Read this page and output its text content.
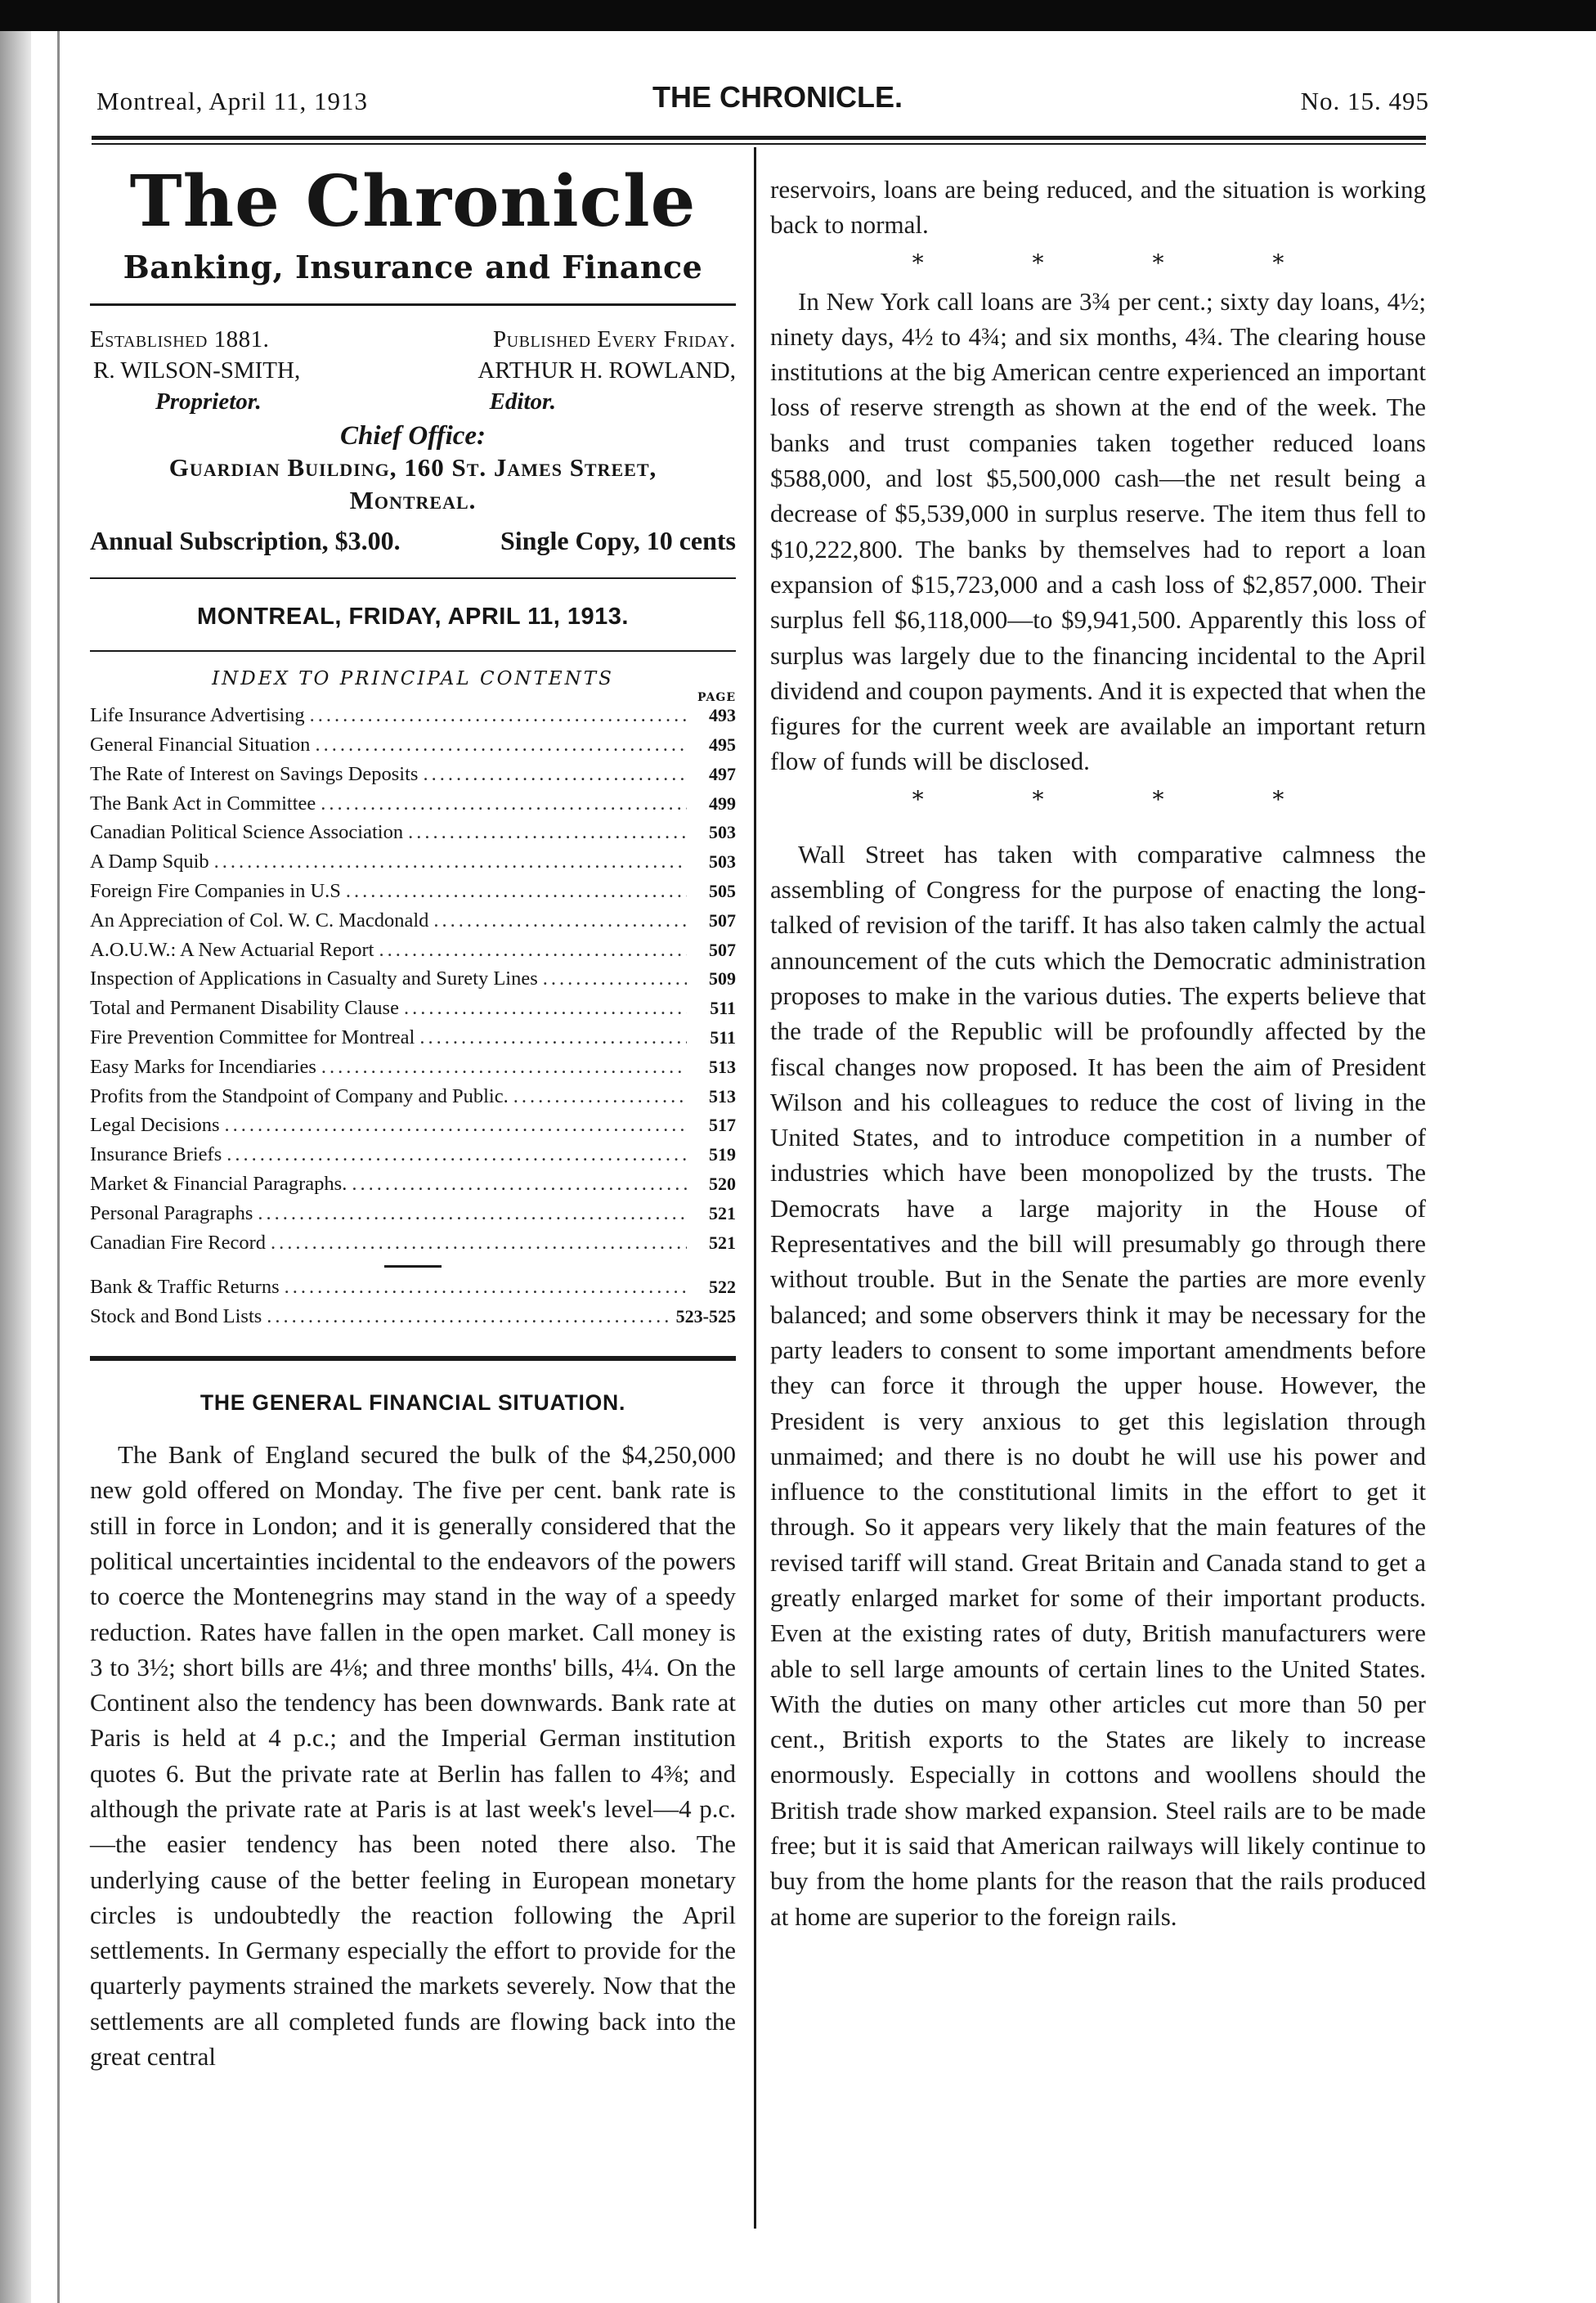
Montreal, April 11, 1913	THE CHRONICLE.	No. 15. 495
The Chronicle
Banking, Insurance and Finance
Established 1881.	Published Every Friday.
R. WILSON-SMITH,	ARTHUR H. ROWLAND,
Proprietor.	Editor.
Chief Office:
Guardian Building, 160 St. James Street,
Montreal.
Annual Subscription, $3.00.	Single Copy, 10 cents
MONTREAL, FRIDAY, APRIL 11, 1913.
INDEX TO PRINCIPAL CONTENTS
PAGE
Life Insurance Advertising .....	493
General Financial Situation .....	495
The Rate of Interest on Savings Deposits .....	497
The Bank Act in Committee .....	499
Canadian Political Science Association .....	503
A Damp Squib .....	503
Foreign Fire Companies in U.S .....	505
An Appreciation of Col. W. C. Macdonald .....	507
A.O.U.W.: A New Actuarial Report .....	507
Inspection of Applications in Casualty and Surety Lines .....	509
Total and Permanent Disability Clause .....	511
Fire Prevention Committee for Montreal .....	511
Easy Marks for Incendiaries .....	513
Profits from the Standpoint of Company and Public. .....	513
Legal Decisions .....	517
Insurance Briefs .....	519
Market & Financial Paragraphs. .....	520
Personal Paragraphs .....	521
Canadian Fire Record .....	521
Bank & Traffic Returns .....	522
Stock and Bond Lists .....	523-525
THE GENERAL FINANCIAL SITUATION.
The Bank of England secured the bulk of the $4,250,000 new gold offered on Monday. The five per cent. bank rate is still in force in London; and it is generally considered that the political uncertainties incidental to the endeavors of the powers to coerce the Montenegrins may stand in the way of a speedy reduction. Rates have fallen in the open market. Call money is 3 to 3½; short bills are 4⅛; and three months' bills, 4¼. On the Continent also the tendency has been downwards. Bank rate at Paris is held at 4 p.c.; and the Imperial German institution quotes 6. But the private rate at Berlin has fallen to 4⅜; and although the private rate at Paris is at last week's level—4 p.c.—the easier tendency has been noted there also. The underlying cause of the better feeling in European monetary circles is undoubtedly the reaction following the April settlements. In Germany especially the effort to provide for the quarterly payments strained the markets severely. Now that the settlements are all completed funds are flowing back into the great central
reservoirs, loans are being reduced, and the situation is working back to normal.
* * * *
In New York call loans are 3¾ per cent.; sixty day loans, 4½; ninety days, 4½ to 4¾; and six months, 4¾. The clearing house institutions at the big American centre experienced an important loss of reserve strength as shown at the end of the week. The banks and trust companies taken together reduced loans $588,000, and lost $5,500,000 cash—the net result being a decrease of $5,539,000 in surplus reserve. The item thus fell to $10,222,800. The banks by themselves had to report a loan expansion of $15,723,000 and a cash loss of $2,857,000. Their surplus fell $6,118,000—to $9,941,500. Apparently this loss of surplus was largely due to the financing incidental to the April dividend and coupon payments. And it is expected that when the figures for the current week are available an important return flow of funds will be disclosed.
* * * *
Wall Street has taken with comparative calmness the assembling of Congress for the purpose of enacting the long-talked of revision of the tariff. It has also taken calmly the actual announcement of the cuts which the Democratic administration proposes to make in the various duties. The experts believe that the trade of the Republic will be profoundly affected by the fiscal changes now proposed. It has been the aim of President Wilson and his colleagues to reduce the cost of living in the United States, and to introduce competition in a number of industries which have been monopolized by the trusts. The Democrats have a large majority in the House of Representatives and the bill will presumably go through there without trouble. But in the Senate the parties are more evenly balanced; and some observers think it may be necessary for the party leaders to consent to some important amendments before they can force it through the upper house. However, the President is very anxious to get this legislation through unmaimed; and there is no doubt he will use his power and influence to the constitutional limits in the effort to get it through. So it appears very likely that the main features of the revised tariff will stand. Great Britain and Canada stand to get a greatly enlarged market for some of their important products. Even at the existing rates of duty, British manufacturers were able to sell large amounts of certain lines to the United States. With the duties on many other articles cut more than 50 per cent., British exports to the States are likely to increase enormously. Especially in cottons and woollens should the British trade show marked expansion. Steel rails are to be made free; but it is said that American railways will likely continue to buy from the home plants for the reason that the rails produced at home are superior to the foreign rails.
